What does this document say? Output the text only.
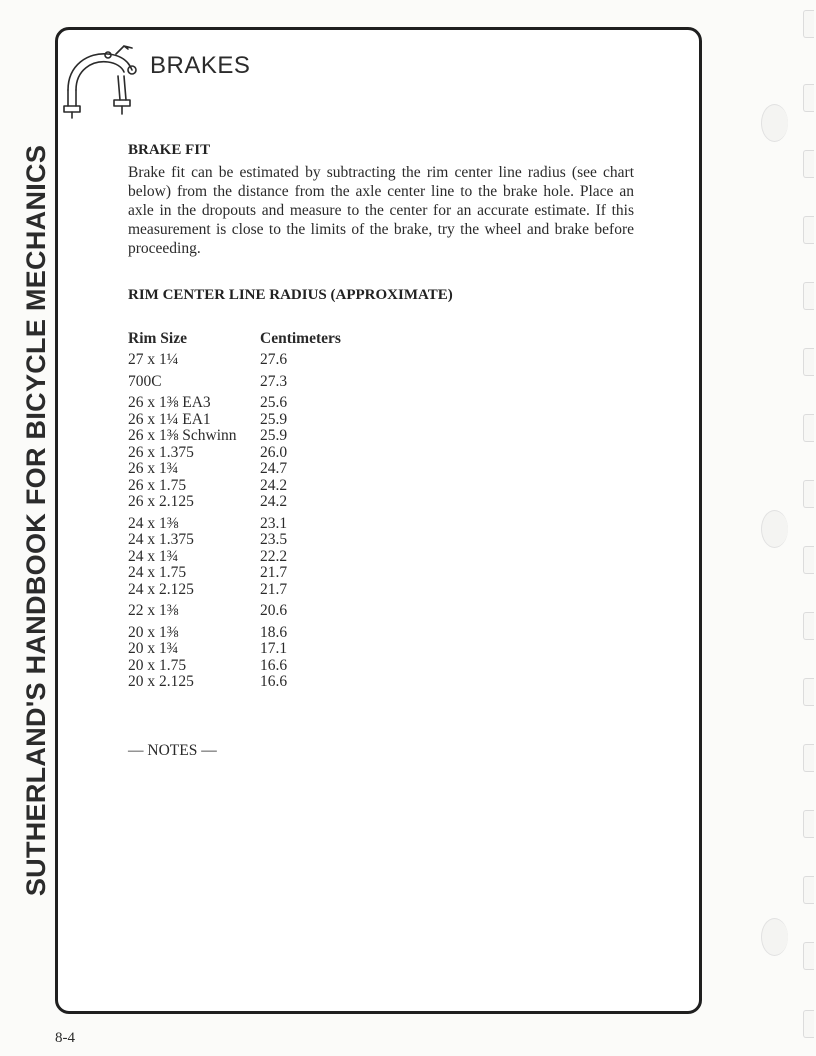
SUTHERLAND'S HANDBOOK FOR BICYCLE MECHANICS
BRAKES
BRAKE FIT
Brake fit can be estimated by subtracting the rim center line radius (see chart below) from the distance from the axle center line to the brake hole. Place an axle in the dropouts and measure to the center for an accurate estimate. If this measurement is close to the limits of the brake, try the wheel and brake before proceeding.
RIM CENTER LINE RADIUS (APPROXIMATE)
Rim Size	Centimeters
27 x 1¼	27.6
700C	27.3
26 x 1⅜ EA3	25.6
26 x 1¼ EA1	25.9
26 x 1⅜ Schwinn	25.9
26 x 1.375	26.0
26 x 1¾	24.7
26 x 1.75	24.2
26 x 2.125	24.2
24 x 1⅜	23.1
24 x 1.375	23.5
24 x 1¾	22.2
24 x 1.75	21.7
24 x 2.125	21.7
22 x 1⅜	20.6
20 x 1⅜	18.6
20 x 1¾	17.1
20 x 1.75	16.6
20 x 2.125	16.6
— NOTES —
8-4
